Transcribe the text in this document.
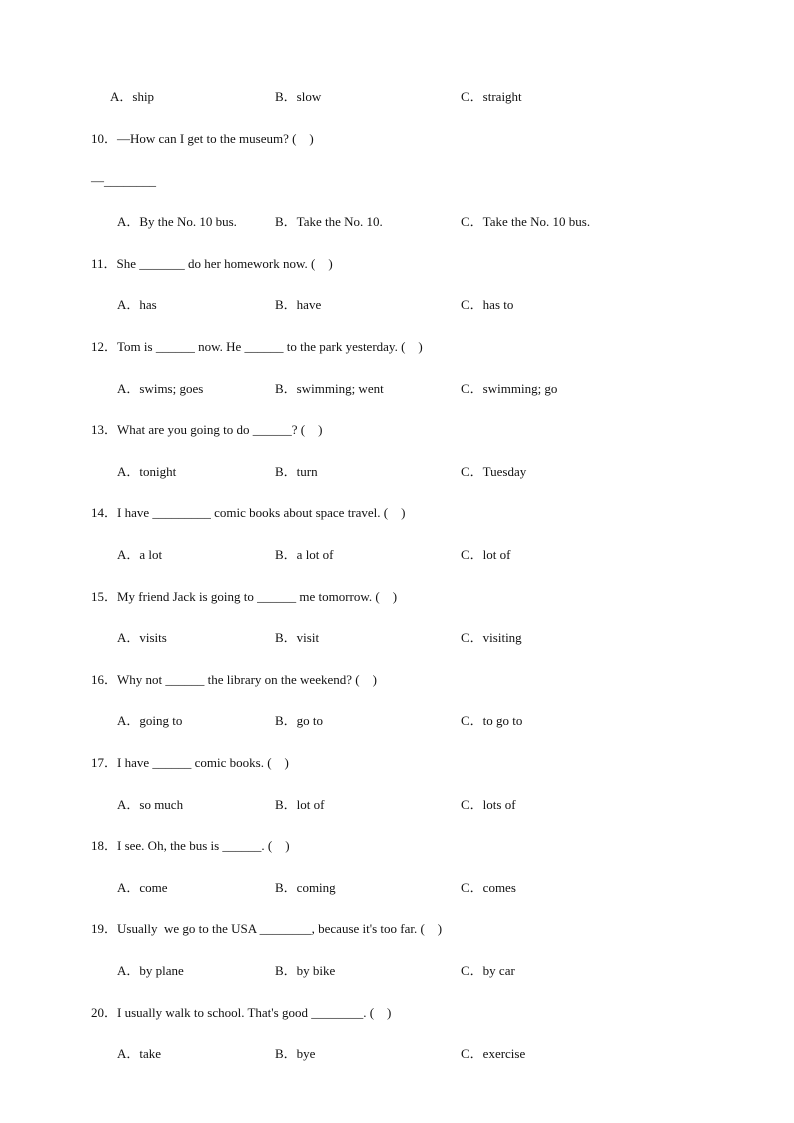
A．ship	B．slow	C．straight
10．—How can I get to the museum? (    )
—________
A．By the No. 10 bus.	B．Take the No. 10.	C．Take the No. 10 bus.
11．She _______ do her homework now. (    )
A．has	B．have	C．has to
12．Tom is ______ now. He ______ to the park yesterday. (    )
A．swims; goes	B．swimming; went	C．swimming; go
13．What are you going to do ______? (    )
A．tonight	B．turn	C．Tuesday
14．I have _________ comic books about space travel. (    )
A．a lot	B．a lot of	C．lot of
15．My friend Jack is going to ______ me tomorrow. (    )
A．visits	B．visit	C．visiting
16．Why not ______ the library on the weekend? (    )
A．going to	B．go to	C．to go to
17．I have ______ comic books. (    )
A．so much	B．lot of	C．lots of
18．I see. Oh, the bus is ______. (    )
A．come	B．coming	C．comes
19．Usually  we go to the USA ________, because it's too far. (    )
A．by plane	B．by bike	C．by car
20．I usually walk to school. That's good ________. (    )
A．take	B．bye	C．exercise
